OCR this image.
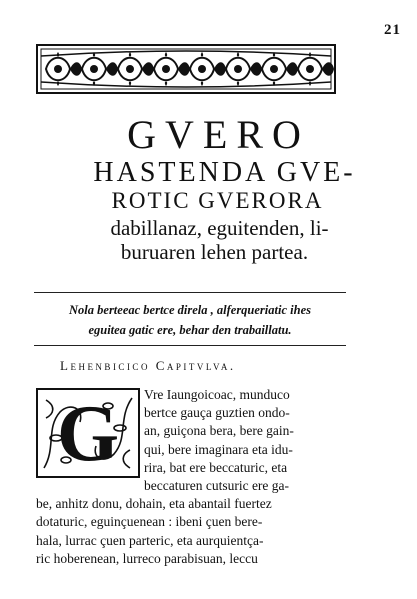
21

GVERO

HASTENDA GVE-

ROTIC GVERORA

dabillanaz, eguitenden, li-

buruaren lehen partea.

Nola berteeac bertce direla , alferqueriatic ihes
eguitea gatic ere, behar den trabaillatu.
Lehenbicico Capitvlva.
G	Vre Iaungoicoac, munduco
bertce gauça guztien ondo-
an, guiçona bera, bere gain-
qui, bere imaginara eta idu-
rira, bat ere beccaturic, eta
beccaturen cutsuric ere ga-
be, anhitz donu, dohain, eta abantail fuertez
dotaturic, eguinçuenean : ibeni çuen bere-
hala, lurrac çuen parteric, eta aurquientça-
ric hoberenean, lurreco parabisuan, leccu
